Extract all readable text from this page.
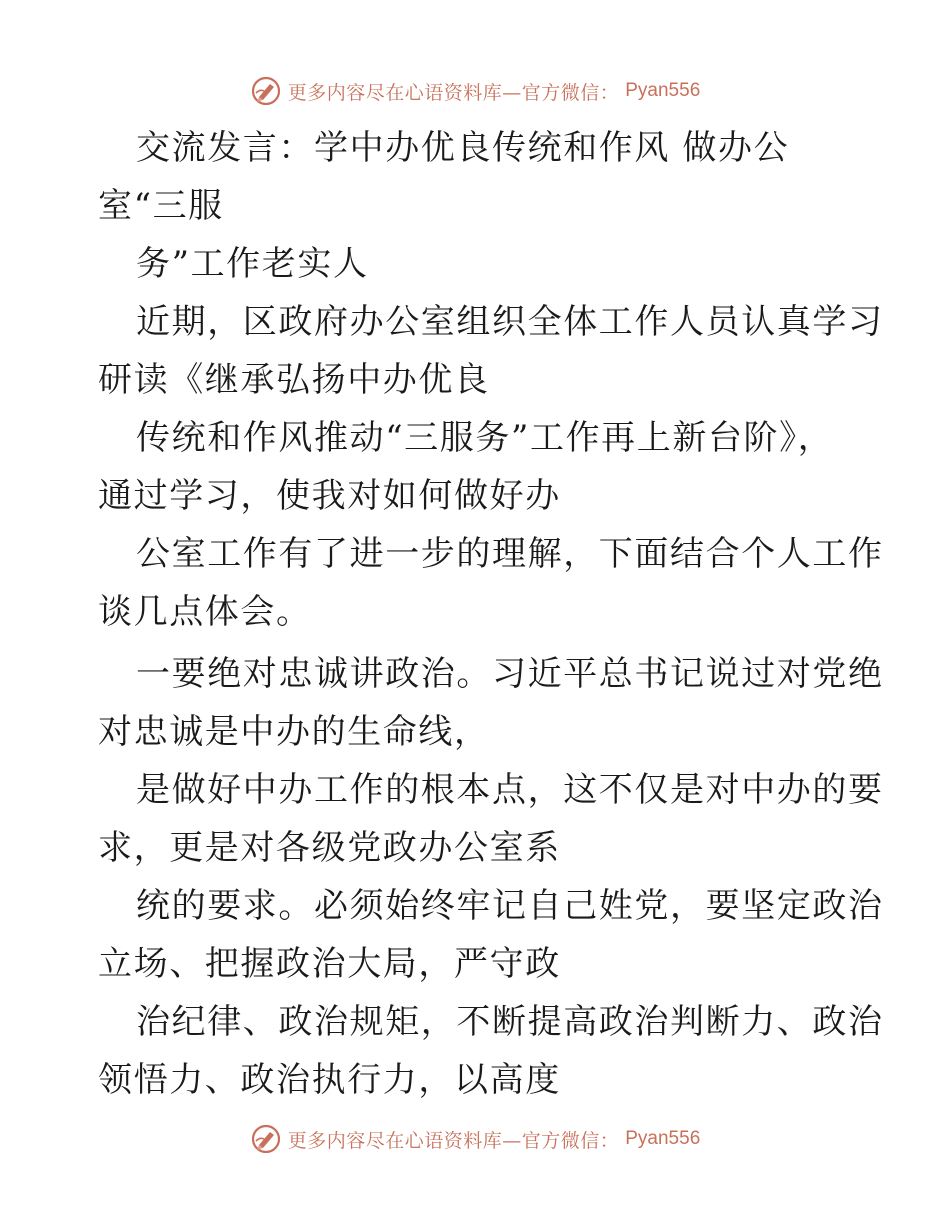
更多内容尽在心语资料库—官方微信： Pyan556
交流发言：学中办优良传统和作风 做办公
室“三服
务”工作老实人
近期，区政府办公室组织全体工作人员认真学习
研读《继承弘扬中办优良
传统和作风推动“三服务”工作再上新台阶》，
通过学习，使我对如何做好办
公室工作有了进一步的理解，下面结合个人工作
谈几点体会。
一要绝对忠诚讲政治。习近平总书记说过对党绝
对忠诚是中办的生命线，
是做好中办工作的根本点，这不仅是对中办的要
求，更是对各级党政办公室系
统的要求。必须始终牢记自己姓党，要坚定政治
立场、把握政治大局，严守政
治纪律、政治规矩，不断提高政治判断力、政治
领悟力、政治执行力，以高度
更多内容尽在心语资料库—官方微信： Pyan556
